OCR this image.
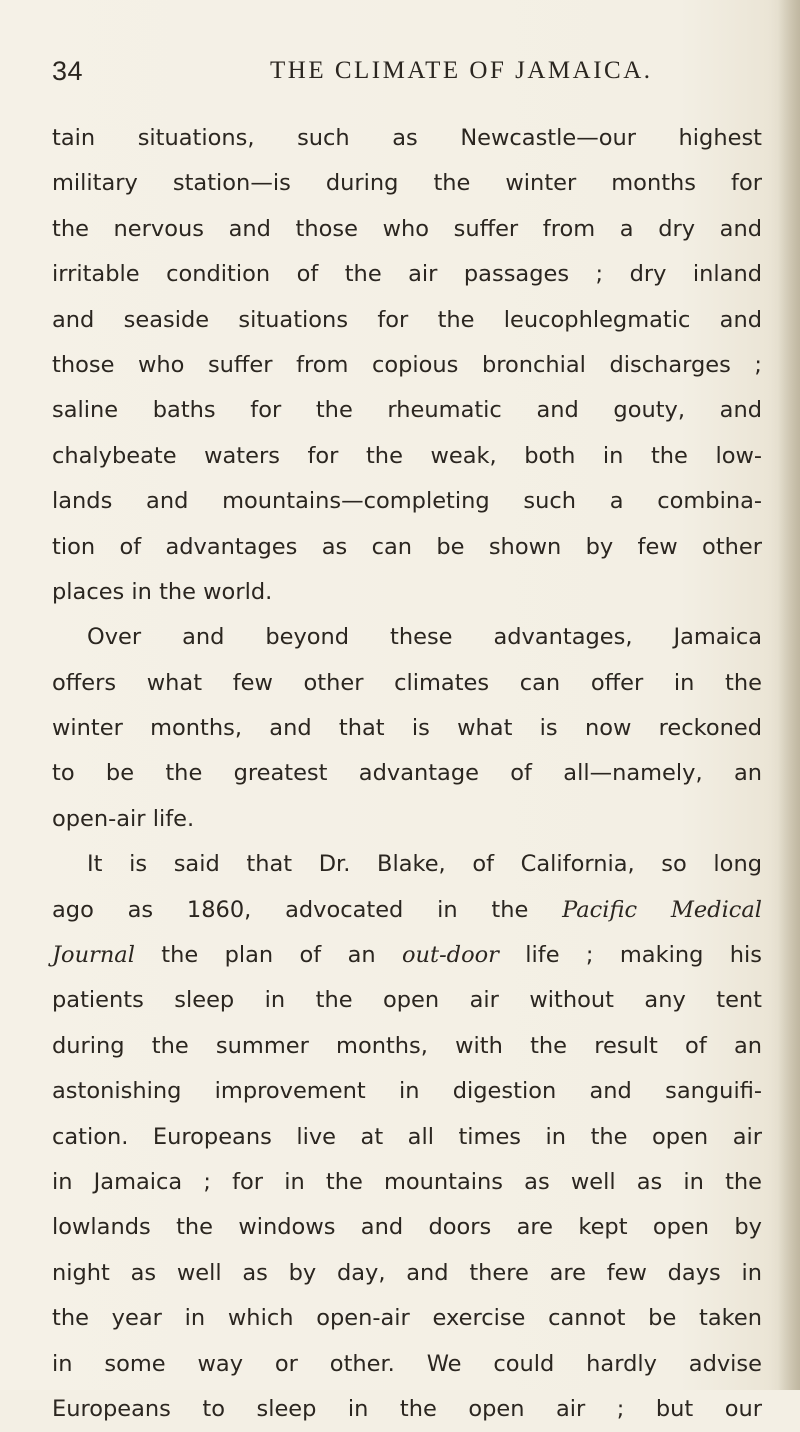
34	THE CLIMATE OF JAMAICA.
tain situations, such as Newcastle—our highest
military station—is during the winter months for
the nervous and those who suffer from a dry and
irritable condition of the air passages ; dry inland
and seaside situations for the leucophlegmatic and
those who suffer from copious bronchial discharges ;
saline baths for the rheumatic and gouty, and
chalybeate waters for the weak, both in the low-
lands and mountains—completing such a combina-
tion of advantages as can be shown by few other
places in the world.
Over and beyond these advantages, Jamaica
offers what few other climates can offer in the
winter months, and that is what is now reckoned
to be the greatest advantage of all—namely, an
open-air life.
It is said that Dr. Blake, of California, so long
ago as 1860, advocated in the Pacific Medical
Journal the plan of an out-door life ; making his
patients sleep in the open air without any tent
during the summer months, with the result of an
astonishing improvement in digestion and sanguifi-
cation. Europeans live at all times in the open air
in Jamaica ; for in the mountains as well as in the
lowlands the windows and doors are kept open by
night as well as by day, and there are few days in
the year in which open-air exercise cannot be taken
in some way or other. We could hardly advise
Europeans to sleep in the open air ; but our
